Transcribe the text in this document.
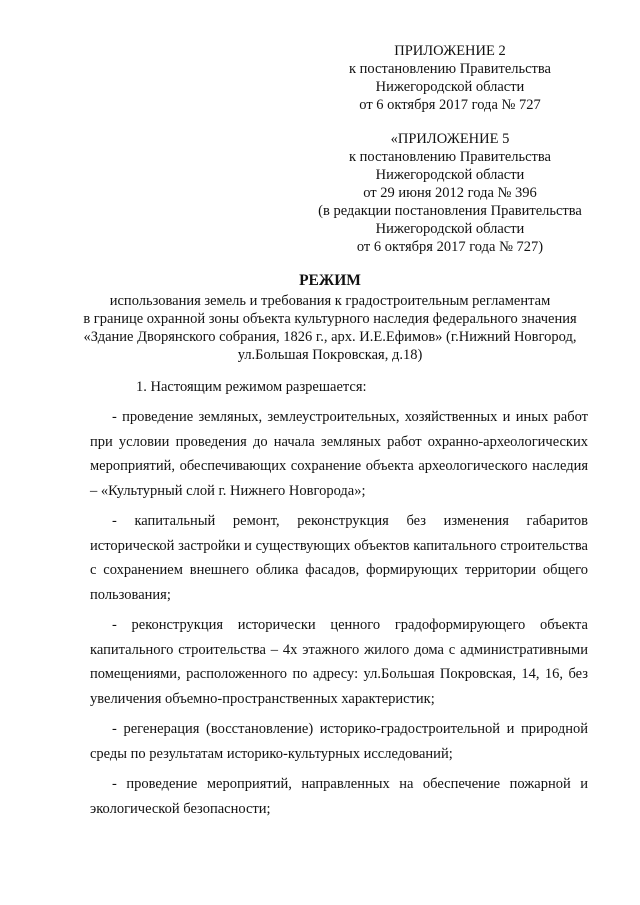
ПРИЛОЖЕНИЕ 2
к постановлению Правительства
Нижегородской области
от 6 октября 2017 года № 727
«ПРИЛОЖЕНИЕ 5
к постановлению Правительства
Нижегородской области
от 29 июня 2012 года № 396
(в редакции постановления Правительства
Нижегородской области
от 6 октября 2017 года № 727)
РЕЖИМ
использования земель и требования к градостроительным регламентам
в границе охранной зоны объекта культурного наследия федерального значения
«Здание Дворянского собрания, 1826 г., арх. И.Е.Ефимов» (г.Нижний Новгород,
ул.Большая Покровская, д.18)
1. Настоящим режимом разрешается:
- проведение земляных, землеустроительных, хозяйственных и иных работ при условии проведения до начала земляных работ охранно-археологических мероприятий, обеспечивающих сохранение объекта археологического наследия – «Культурный слой г. Нижнего Новгорода»;
- капитальный ремонт, реконструкция без изменения габаритов исторической застройки и существующих объектов капитального строительства с сохранением внешнего облика фасадов, формирующих территории общего пользования;
- реконструкция исторически ценного градоформирующего объекта капитального строительства – 4х этажного жилого дома с административными помещениями, расположенного по адресу: ул.Большая Покровская, 14, 16, без увеличения объемно-пространственных характеристик;
- регенерация (восстановление) историко-градостроительной и природной среды по результатам историко-культурных исследований;
- проведение мероприятий, направленных на обеспечение пожарной и экологической безопасности;
